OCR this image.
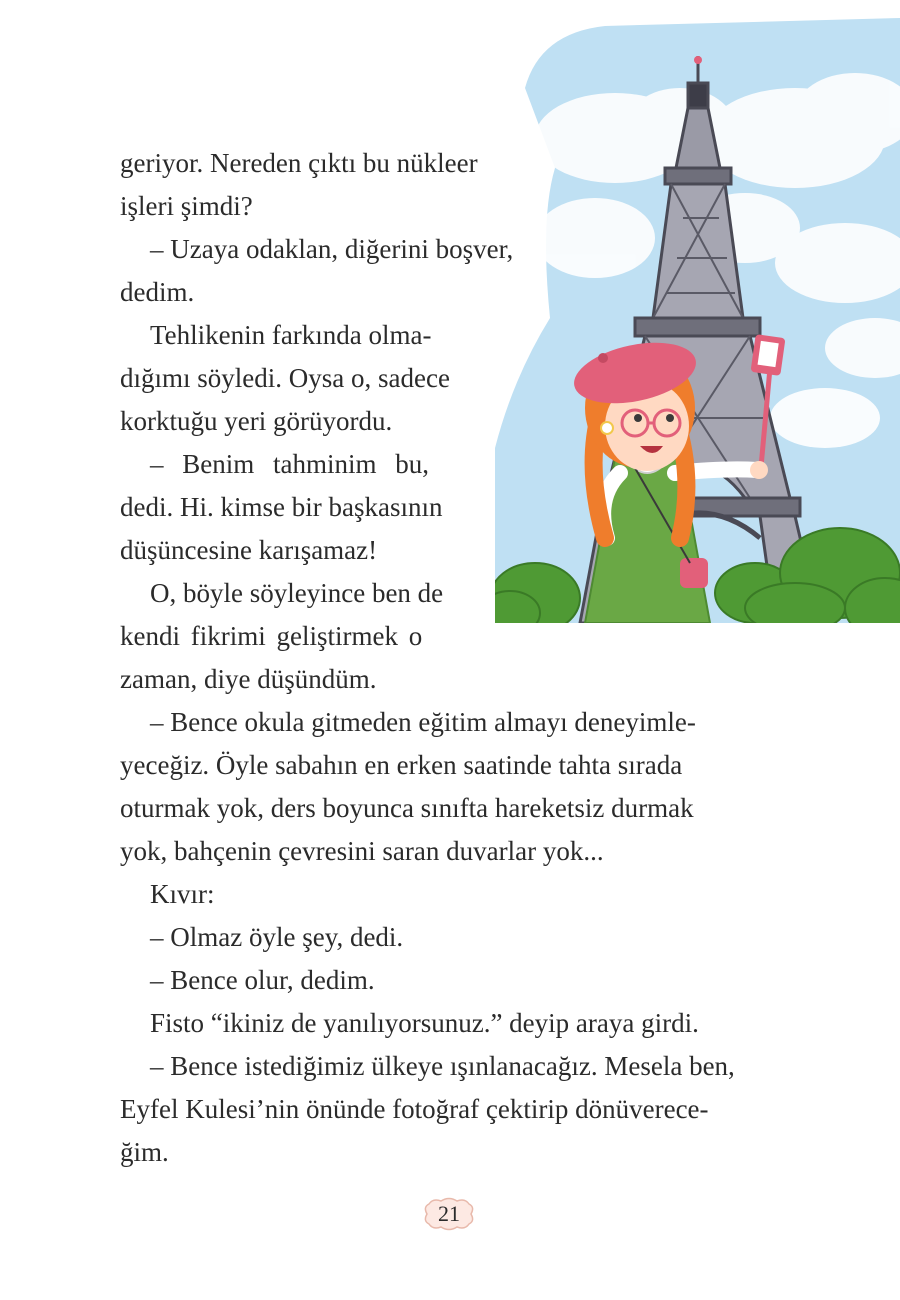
geriyor. Nereden çıktı bu nükleer
işleri şimdi?
– Uzaya odaklan, diğerini boşver,
dedim.
Tehlikenin farkında olma-
dığımı söyledi. Oysa o, sadece
korktuğu yeri görüyordu.
– Benim tahminim bu,
dedi. Hi. kimse bir başkasının
düşüncesine karışamaz!
O, böyle söyleyince ben de
kendi fikrimi geliştirmek o
zaman, diye düşündüm.
– Bence okula gitmeden eğitim almayı deneyimle-
yeceğiz. Öyle sabahın en erken saatinde tahta sırada
oturmak yok, ders boyunca sınıfta hareketsiz durmak
yok, bahçenin çevresini saran duvarlar yok...
Kıvır:
– Olmaz öyle şey, dedi.
– Bence olur, dedim.
Fisto “ikiniz de yanılıyorsunuz.” deyip araya girdi.
– Bence istediğimiz ülkeye ışınlanacağız. Mesela ben,
Eyfel Kulesi’nin önünde fotoğraf çektirip dönüverece-
ğim.
21
